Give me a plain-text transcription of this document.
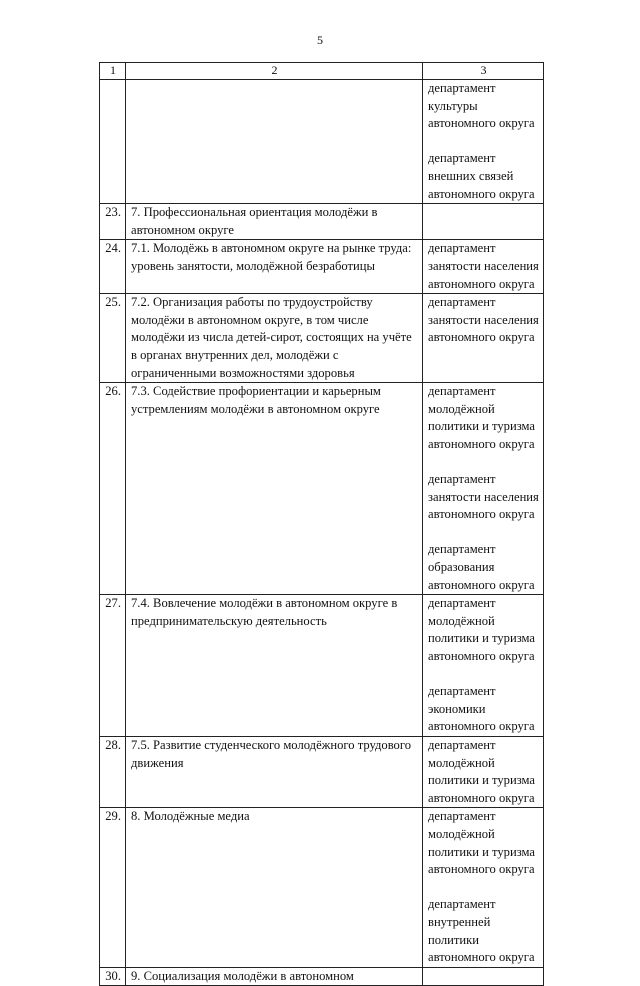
5
1	2	3

		департамент культуры автономного округа
департамент внешних связей автономного округа

23.	7. Профессиональная ориентация молодёжи в автономном округе	
24.	7.1. Молодёжь в автономном округе на рынке труда: уровень занятости, молодёжной безработицы	департамент занятости населения автономного округа

25.	7.2. Организация работы по трудоустройству молодёжи в автономном округе, в том числе молодёжи из числа детей-сирот, состоящих на учёте в органах внутренних дел, молодёжи с ограниченными возможностями здоровья	департамент занятости населения автономного округа

26.	7.3. Содействие профориентации и карьерным устремлениям молодёжи в автономном округе	департамент молодёжной политики и туризма автономного округа
департамент занятости населения автономного округа
департамент образования автономного округа

27.	7.4. Вовлечение молодёжи в автономном округе в предпринимательскую деятельность	департамент молодёжной политики и туризма автономного округа
департамент экономики автономного округа

28.	7.5. Развитие студенческого молодёжного трудового движения	департамент молодёжной политики и туризма автономного округа

29.	8. Молодёжные медиа	департамент молодёжной политики и туризма автономного округа
департамент внутренней политики автономного округа

30.	9. Социализация молодёжи в автономном	
